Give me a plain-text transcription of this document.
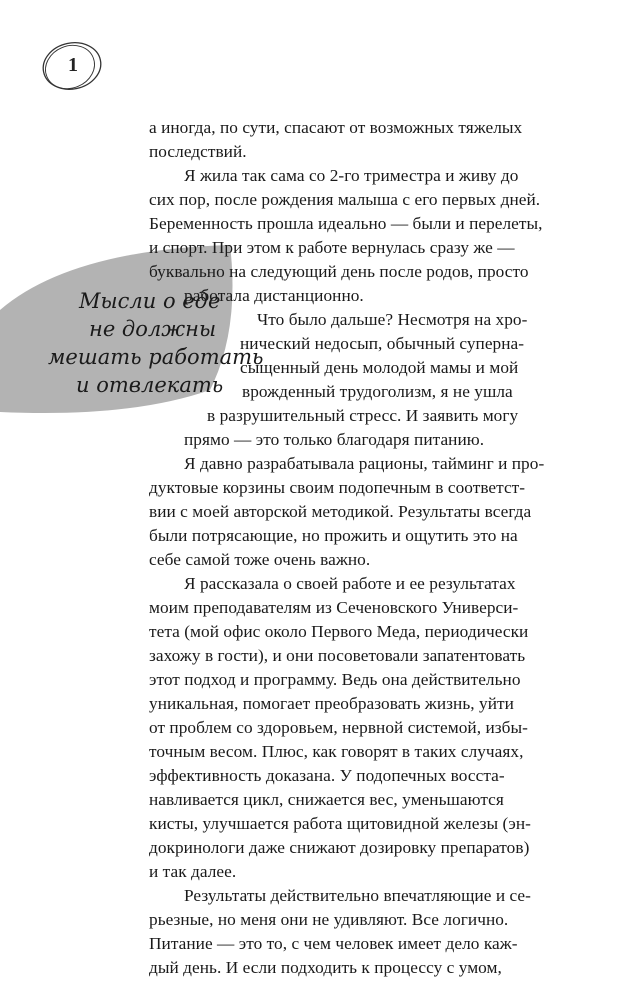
1
Мысли о еде
не должны
мешать работать
и отвлекать
а иногда, по сути, спасают от возможных тяжелых
последствий.
Я жила так сама со 2-го триместра и живу до
сих пор, после рождения малыша с его первых дней.
Беременность прошла идеально — были и перелеты,
и спорт. При этом к работе вернулась сразу же —
буквально на следующий день после родов, просто
работала дистанционно.
Что было дальше? Несмотря на хро-
нический недосып, обычный суперна-
сыщенный день молодой мамы и мой
врожденный трудоголизм, я не ушла
в разрушительный стресс. И заявить могу
прямо — это только благодаря питанию.
Я давно разрабатывала рационы, тайминг и про-
дуктовые корзины своим подопечным в соответст-
вии с моей авторской методикой. Результаты всегда
были потрясающие, но прожить и ощутить это на
себе самой тоже очень важно.
Я рассказала о своей работе и ее результатах
моим преподавателям из Сеченовского Универси-
тета (мой офис около Первого Меда, периодически
захожу в гости), и они посоветовали запатентовать
этот подход и программу. Ведь она действительно
уникальная, помогает преобразовать жизнь, уйти
от проблем со здоровьем, нервной системой, избы-
точным весом. Плюс, как говорят в таких случаях,
эффективность доказана. У подопечных восста-
навливается цикл, снижается вес, уменьшаются
кисты, улучшается работа щитовидной железы (эн-
докринологи даже снижают дозировку препаратов)
и так далее.
Результаты действительно впечатляющие и се-
рьезные, но меня они не удивляют. Все логично.
Питание — это то, с чем человек имеет дело каж-
дый день. И если подходить к процессу с умом,
